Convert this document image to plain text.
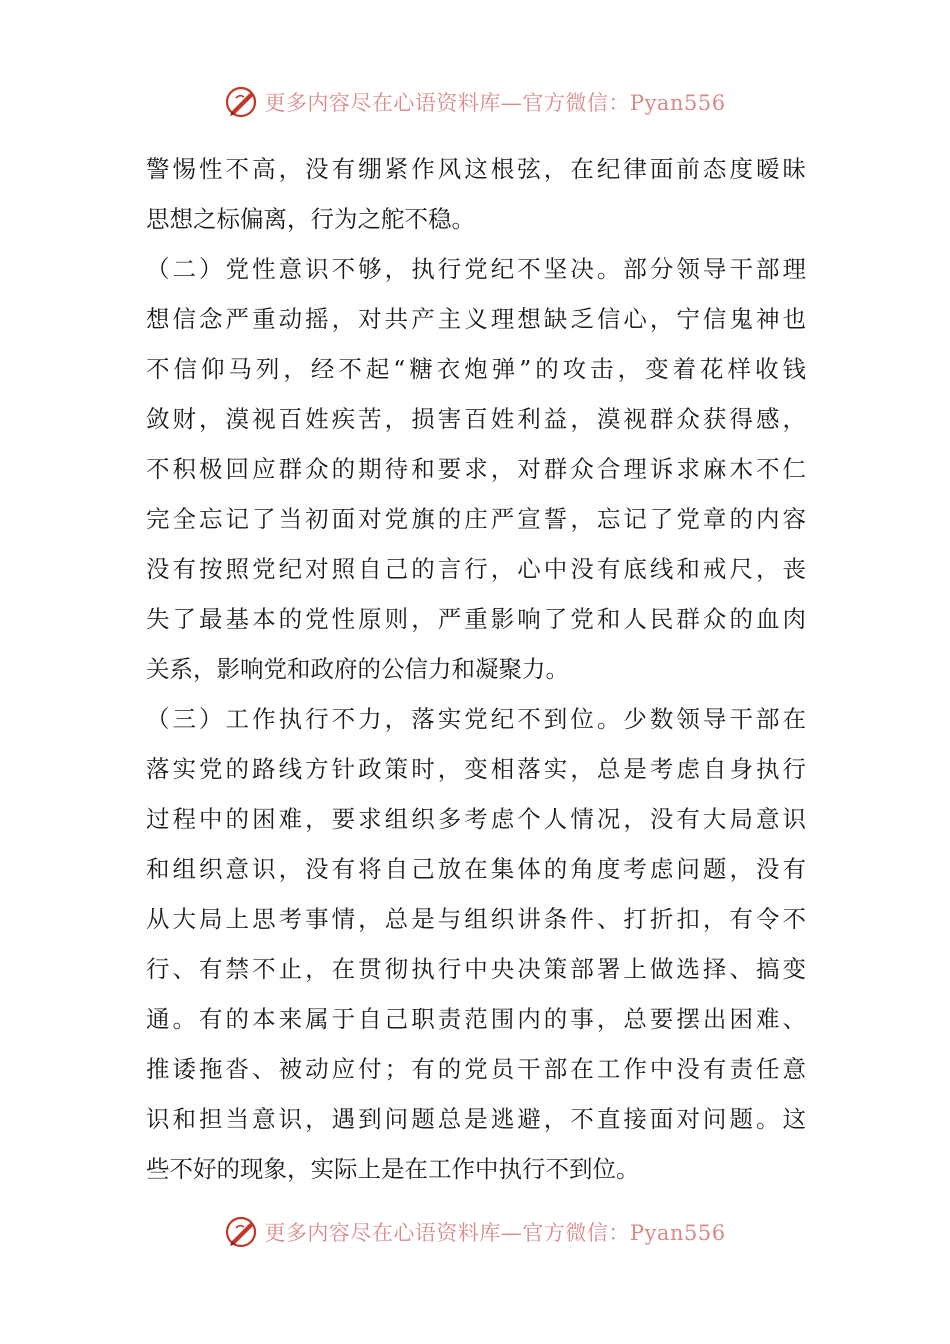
更多内容尽在心语资料库—官方微信：Pyan556
警惕性不高，没有绷紧作风这根弦，在纪律面前态度暧昧
思想之标偏离，行为之舵不稳。
（二）党性意识不够，执行党纪不坚决。部分领导干部理
想信念严重动摇，对共产主义理想缺乏信心，宁信鬼神也
不信仰马列，经不起“糖衣炮弹”的攻击，变着花样收钱
敛财，漠视百姓疾苦，损害百姓利益，漠视群众获得感，
不积极回应群众的期待和要求，对群众合理诉求麻木不仁
完全忘记了当初面对党旗的庄严宣誓，忘记了党章的内容
没有按照党纪对照自己的言行，心中没有底线和戒尺，丧
失了最基本的党性原则，严重影响了党和人民群众的血肉
关系，影响党和政府的公信力和凝聚力。
（三）工作执行不力，落实党纪不到位。少数领导干部在
落实党的路线方针政策时，变相落实，总是考虑自身执行
过程中的困难，要求组织多考虑个人情况，没有大局意识
和组织意识，没有将自己放在集体的角度考虑问题，没有
从大局上思考事情，总是与组织讲条件、打折扣，有令不
行、有禁不止，在贯彻执行中央决策部署上做选择、搞变
通。有的本来属于自己职责范围内的事，总要摆出困难、
推诿拖沓、被动应付；有的党员干部在工作中没有责任意
识和担当意识，遇到问题总是逃避，不直接面对问题。这
些不好的现象，实际上是在工作中执行不到位。
更多内容尽在心语资料库—官方微信：Pyan556
